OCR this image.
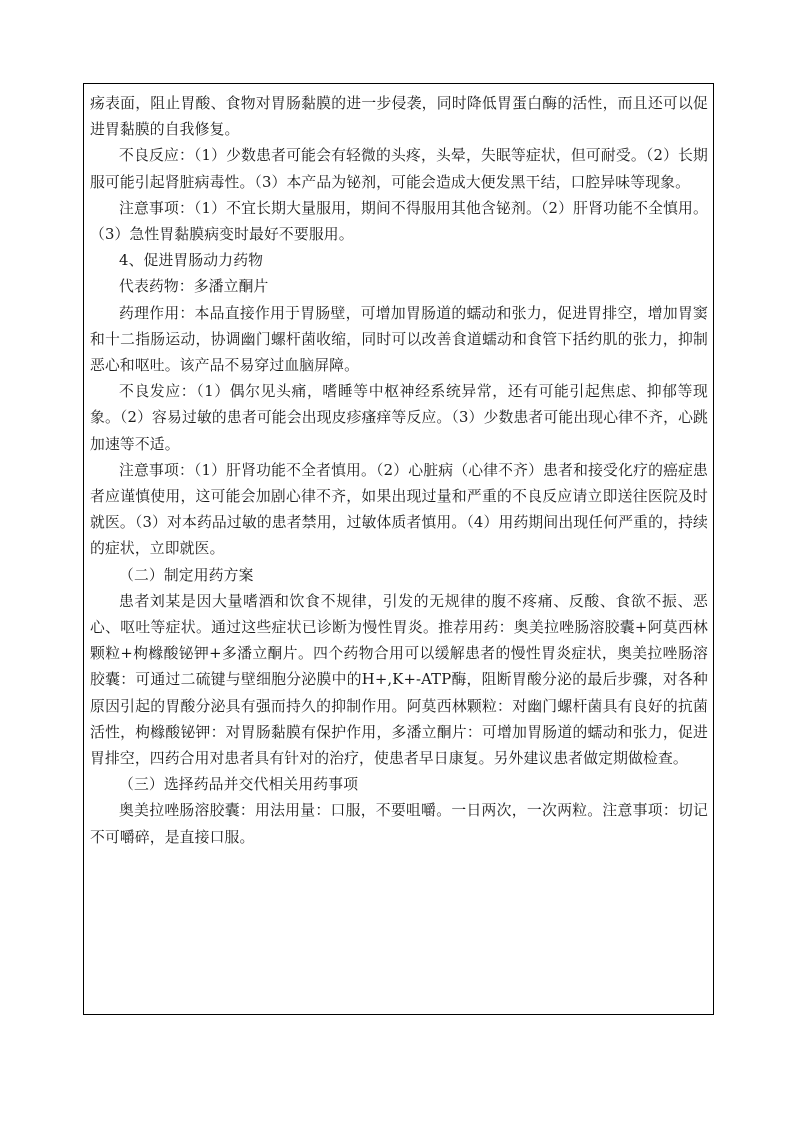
疡表面，阻止胃酸、食物对胃肠黏膜的进一步侵袭，同时降低胃蛋白酶的活性，而且还可以促进胃黏膜的自我修复。

不良反应：（1）少数患者可能会有轻微的头疼，头晕，失眠等症状，但可耐受。（2）长期服可能引起肾脏病毒性。（3）本产品为铋剂，可能会造成大便发黑干结，口腔异味等现象。

注意事项：（1）不宜长期大量服用，期间不得服用其他含铋剂。（2）肝肾功能不全慎用。（3）急性胃黏膜病变时最好不要服用。

4、促进胃肠动力药物

代表药物：多潘立酮片

药理作用：本品直接作用于胃肠壁，可增加胃肠道的蠕动和张力，促进胃排空，增加胃窦和十二指肠运动，协调幽门螺杆菌收缩，同时可以改善食道蠕动和食管下括约肌的张力，抑制恶心和呕吐。该产品不易穿过血脑屏障。

不良发应：（1）偶尔见头痛，嗜睡等中枢神经系统异常，还有可能引起焦虑、抑郁等现象。（2）容易过敏的患者可能会出现皮疹瘙痒等反应。（3）少数患者可能出现心律不齐，心跳加速等不适。

注意事项：（1）肝肾功能不全者慎用。（2）心脏病（心律不齐）患者和接受化疗的癌症患者应谨慎使用，这可能会加剧心律不齐，如果出现过量和严重的不良反应请立即送往医院及时就医。（3）对本药品过敏的患者禁用，过敏体质者慎用。（4）用药期间出现任何严重的，持续的症状，立即就医。

（二）制定用药方案

患者刘某是因大量嗜酒和饮食不规律，引发的无规律的腹不疼痛、反酸、食欲不振、恶心、呕吐等症状。通过这些症状已诊断为慢性胃炎。推荐用药：奥美拉唑肠溶胶囊+阿莫西林颗粒+枸橼酸铋钾+多潘立酮片。四个药物合用可以缓解患者的慢性胃炎症状，奥美拉唑肠溶胶囊：可通过二硫键与壁细胞分泌膜中的H+,K+-ATP酶，阻断胃酸分泌的最后步骤，对各种原因引起的胃酸分泌具有强而持久的抑制作用。阿莫西林颗粒：对幽门螺杆菌具有良好的抗菌活性，枸橼酸铋钾：对胃肠黏膜有保护作用，多潘立酮片：可增加胃肠道的蠕动和张力，促进胃排空，四药合用对患者具有针对的治疗，使患者早日康复。另外建议患者做定期做检查。

（三）选择药品并交代相关用药事项

奥美拉唑肠溶胶囊：用法用量：口服，不要咀嚼。一日两次，一次两粒。注意事项：切记不可嚼碎，是直接口服。
